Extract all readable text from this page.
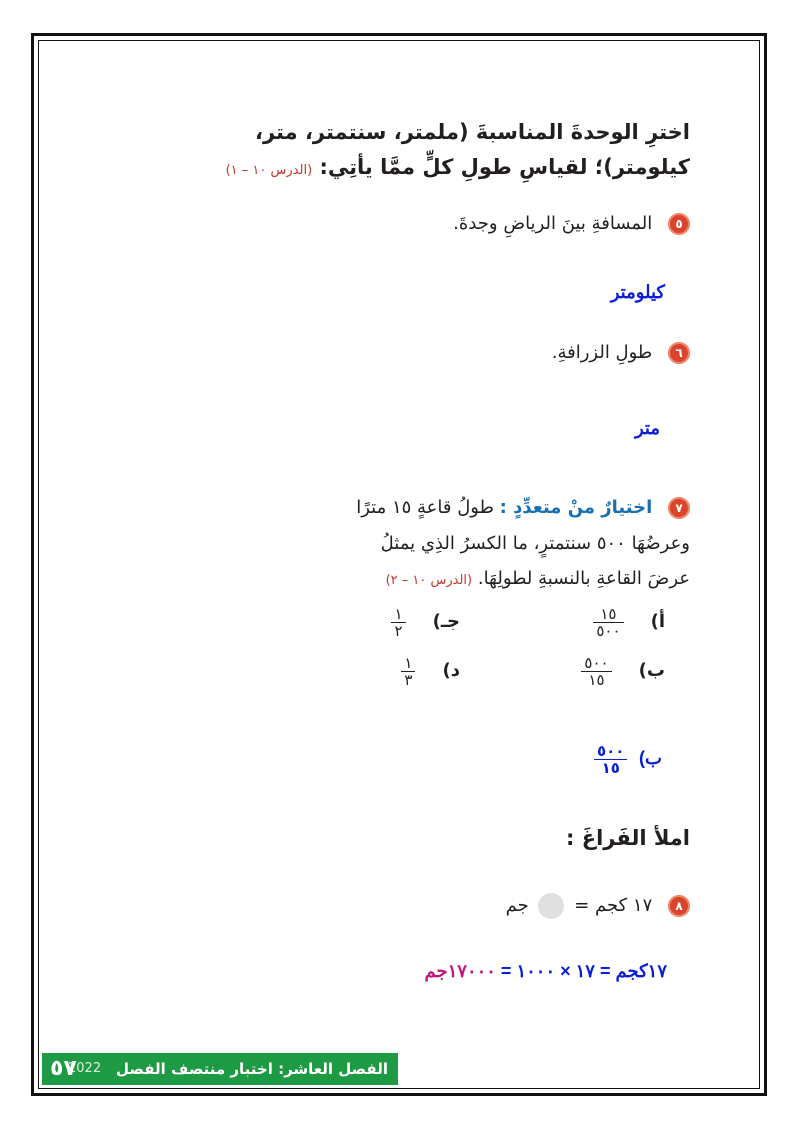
اخترِ الوحدةَ المناسبةَ (ملمتر، سنتمتر، متر،
كيلومتر)؛ لقياسِ طولِ كلٍّ ممَّا يأتِي: (الدرس ١٠ – ١)
٥ المسافةِ بينَ الرياضِ وجدةَ.
كيلومتر
٦ طولِ الزرافةِ.
متر
٧ اختيارٌ منْ متعدِّدٍ : طولُ قاعةٍ ١٥ مترًا
وعرضُهَا ٥٠٠ سنتمترٍ، ما الكسرُ الذِي يمثلُ
عرضَ القاعةِ بالنسبةِ لطولِهَا. (الدرس ١٠ – ٢)
أ)
$\frac{١٥}{٥٠٠}$
ب)
$\frac{٥٠٠}{١٥}$
جـ)
$\frac{١}{٢}$
د)
$\frac{١}{٣}$
ب)
$\frac{٥٠٠}{١٥}$
املأ الفَراغَ :
٨ ١٧ كجم =  جم
١٧كجم = ١٧ × ١٠٠٠ = ١٧٠٠٠جم
الفصل العاشر: اختبار منتصف الفصل
2022
٥٧
